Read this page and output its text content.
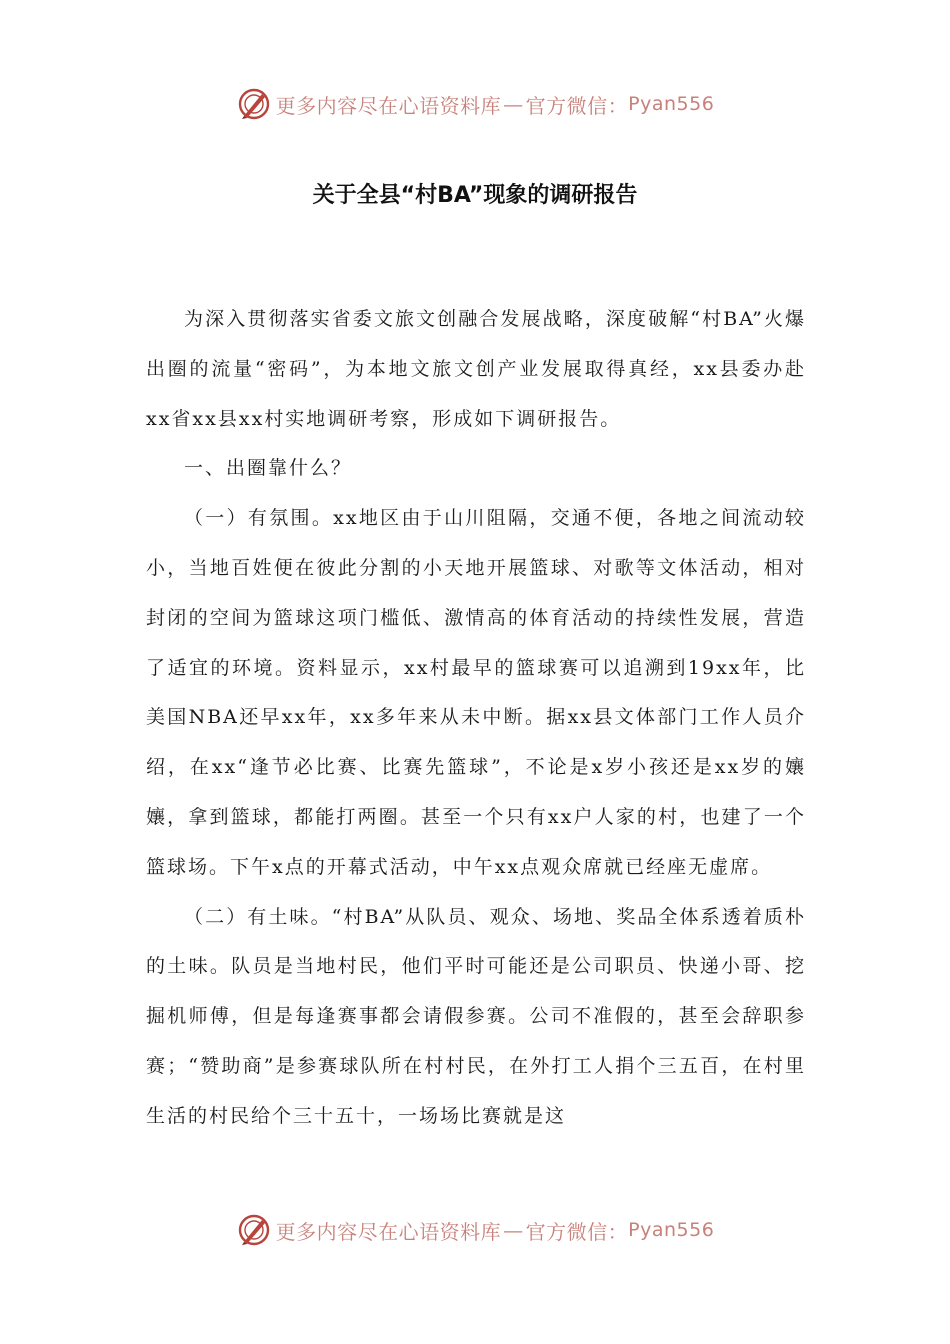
更多内容尽在心语资料库 — 官方微信： Pyan556
关于全县“村BA”现象的调研报告

为深入贯彻落实省委文旅文创融合发展战略，深度破解“村BA”火爆出圈的流量“密码”，为本地文旅文创产业发展取得真经，xx县委办赴xx省xx县xx村实地调研考察，形成如下调研报告。

一、出圈靠什么？

（一）有氛围。xx地区由于山川阻隔，交通不便，各地之间流动较小，当地百姓便在彼此分割的小天地开展篮球、对歌等文体活动，相对封闭的空间为篮球这项门槛低、激情高的体育活动的持续性发展，营造了适宜的环境。资料显示，xx村最早的篮球赛可以追溯到19xx年，比美国NBA还早xx年，xx多年来从未中断。据xx县文体部门工作人员介绍，在xx“逢节必比赛、比赛先篮球”，不论是x岁小孩还是xx岁的孃孃，拿到篮球，都能打两圈。甚至一个只有xx户人家的村，也建了一个篮球场。下午x点的开幕式活动，中午xx点观众席就已经座无虚席。

（二）有土味。“村BA”从队员、观众、场地、奖品全体系透着质朴的土味。队员是当地村民，他们平时可能还是公司职员、快递小哥、挖掘机师傅，但是每逢赛事都会请假参赛。公司不准假的，甚至会辞职参赛；“赞助商”是参赛球队所在村村民，在外打工人捐个三五百，在村里生活的村民给个三十五十，一场场比赛就是这

更多内容尽在心语资料库 — 官方微信： Pyan556
